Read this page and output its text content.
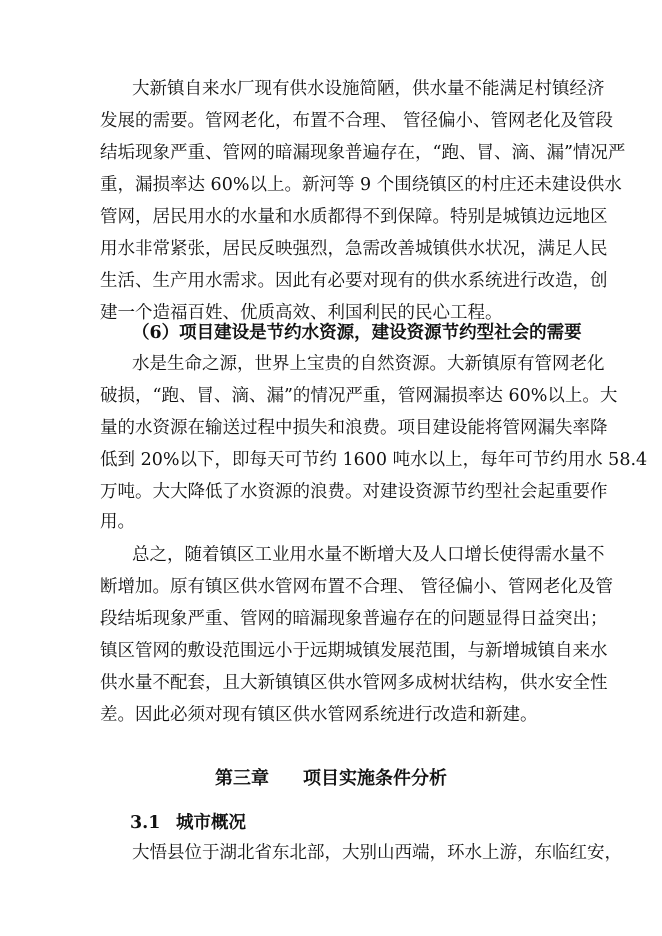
大新镇自来水厂现有供水设施简陋，供水量不能满足村镇经济
发展的需要。管网老化，布置不合理、 管径偏小、管网老化及管段
结垢现象严重、管网的暗漏现象普遍存在，“跑、冒、滴、漏”情况严
重，漏损率达 60%以上。新河等 9 个围绕镇区的村庄还未建设供水
管网，居民用水的水量和水质都得不到保障。特别是城镇边远地区
用水非常紧张，居民反映强烈，急需改善城镇供水状况，满足人民
生活、生产用水需求。因此有必要对现有的供水系统进行改造，创
建一个造福百姓、优质高效、利国利民的民心工程。
（6）项目建设是节约水资源，建设资源节约型社会的需要
水是生命之源，世界上宝贵的自然资源。大新镇原有管网老化
破损，“跑、冒、滴、漏”的情况严重，管网漏损率达 60%以上。大
量的水资源在输送过程中损失和浪费。项目建设能将管网漏失率降
低到 20%以下，即每天可节约 1600 吨水以上，每年可节约用水 58.4
万吨。大大降低了水资源的浪费。对建设资源节约型社会起重要作
用。
总之，随着镇区工业用水量不断增大及人口增长使得需水量不
断增加。原有镇区供水管网布置不合理、 管径偏小、管网老化及管
段结垢现象严重、管网的暗漏现象普遍存在的问题显得日益突出；
镇区管网的敷设范围远小于远期城镇发展范围，与新增城镇自来水
供水量不配套，且大新镇镇区供水管网多成树状结构，供水安全性
差。因此必须对现有镇区供水管网系统进行改造和新建。
第三章 项目实施条件分析
3.1 城市概况
大悟县位于湖北省东北部，大别山西端，环水上游，东临红安，
